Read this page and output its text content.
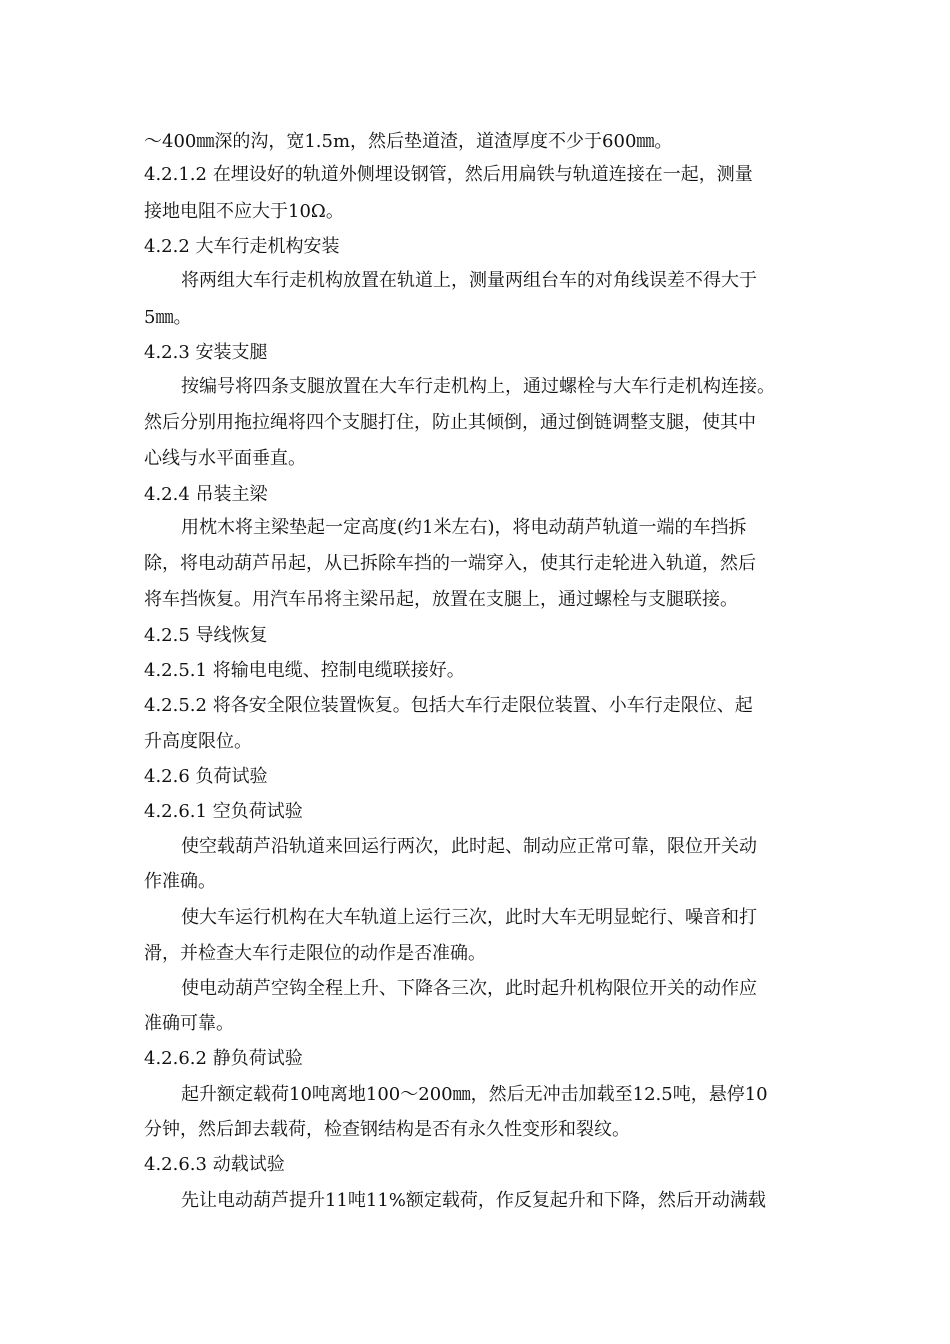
～400㎜深的沟，宽1.5m，然后垫道渣，道渣厚度不少于600㎜。
4.2.1.2 在埋设好的轨道外侧埋设钢管，然后用扁铁与轨道连接在一起，测量
接地电阻不应大于10Ω。
4.2.2 大车行走机构安装
将两组大车行走机构放置在轨道上，测量两组台车的对角线误差不得大于
5㎜。
4.2.3 安装支腿
按编号将四条支腿放置在大车行走机构上，通过螺栓与大车行走机构连接。
然后分别用拖拉绳将四个支腿打住，防止其倾倒，通过倒链调整支腿，使其中
心线与水平面垂直。
4.2.4 吊装主梁
用枕木将主梁垫起一定高度(约1米左右)，将电动葫芦轨道一端的车挡拆
除，将电动葫芦吊起，从已拆除车挡的一端穿入，使其行走轮进入轨道，然后
将车挡恢复。用汽车吊将主梁吊起，放置在支腿上，通过螺栓与支腿联接。
4.2.5 导线恢复
4.2.5.1 将输电电缆、控制电缆联接好。
4.2.5.2 将各安全限位装置恢复。包括大车行走限位装置、小车行走限位、起
升高度限位。
4.2.6 负荷试验
4.2.6.1 空负荷试验
使空载葫芦沿轨道来回运行两次，此时起、制动应正常可靠，限位开关动
作准确。
使大车运行机构在大车轨道上运行三次，此时大车无明显蛇行、噪音和打
滑，并检查大车行走限位的动作是否准确。
使电动葫芦空钩全程上升、下降各三次，此时起升机构限位开关的动作应
准确可靠。
4.2.6.2 静负荷试验
起升额定载荷10吨离地100～200㎜，然后无冲击加载至12.5吨，悬停10
分钟，然后卸去载荷，检查钢结构是否有永久性变形和裂纹。
4.2.6.3 动载试验
先让电动葫芦提升11吨11%额定载荷，作反复起升和下降，然后开动满载
